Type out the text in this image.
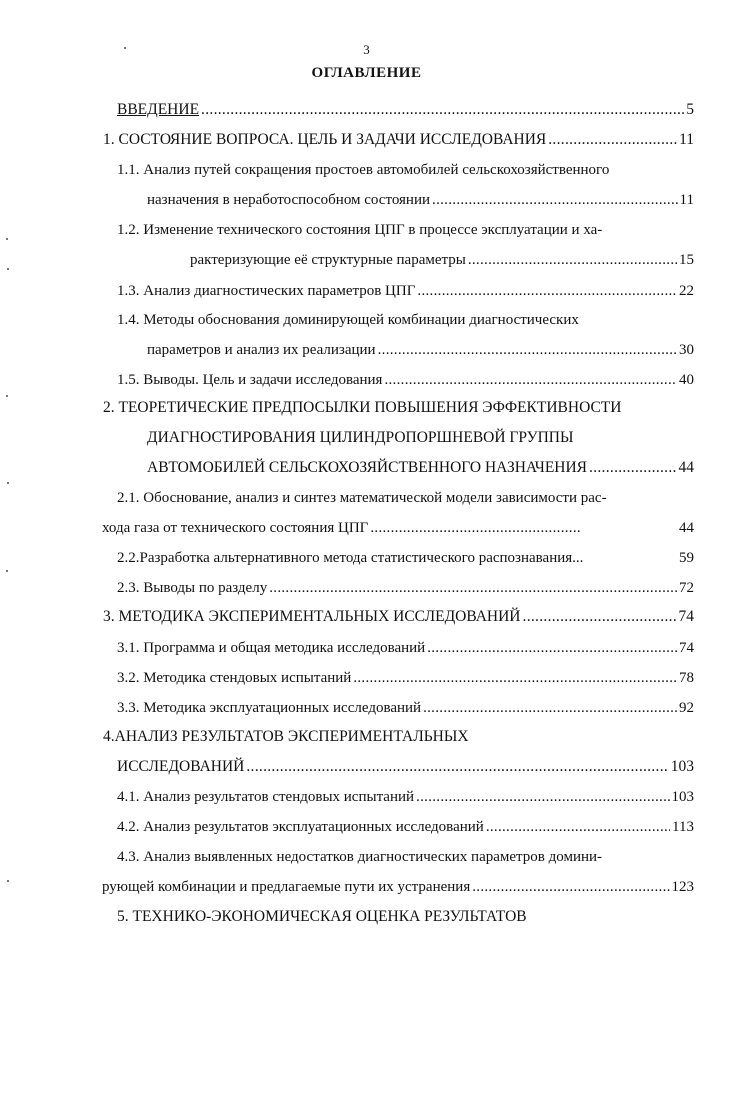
3
ОГЛАВЛЕНИЕ
ВВЕДЕНИЕ .....	5
1. СОСТОЯНИЕ ВОПРОСА. ЦЕЛЬ И ЗАДАЧИ ИССЛЕДОВАНИЯ .....	11
1.1. Анализ путей сокращения простоев автомобилей сельскохозяйственного
назначения в неработоспособном состоянии .....	11
1.2. Изменение технического состояния ЦПГ в процессе эксплуатации и ха-
рактеризующие её структурные параметры .....	15
1.3. Анализ диагностических параметров ЦПГ .....	22
1.4. Методы обоснования доминирующей комбинации диагностических
параметров и анализ их реализации .....	30
1.5. Выводы. Цель и задачи исследования .....	40
2. ТЕОРЕТИЧЕСКИЕ ПРЕДПОСЫЛКИ ПОВЫШЕНИЯ ЭФФЕКТИВНОСТИ
ДИАГНОСТИРОВАНИЯ ЦИЛИНДРОПОРШНЕВОЙ ГРУППЫ
АВТОМОБИЛЕЙ СЕЛЬСКОХОЗЯЙСТВЕННОГО НАЗНАЧЕНИЯ .....	44
2.1. Обоснование, анализ и синтез математической модели зависимости рас-
хода газа от технического состояния ЦПГ .....	44
2.2.Разработка альтернативного метода статистического распознавания...	59
2.3. Выводы по разделу .....	72
3. МЕТОДИКА ЭКСПЕРИМЕНТАЛЬНЫХ ИССЛЕДОВАНИЙ .....	74
3.1. Программа и общая методика исследований .....	74
3.2. Методика стендовых испытаний .....	78
3.3. Методика эксплуатационных исследований .....	92
4.АНАЛИЗ РЕЗУЛЬТАТОВ ЭКСПЕРИМЕНТАЛЬНЫХ
ИССЛЕДОВАНИЙ .....	103
4.1. Анализ результатов стендовых испытаний .....	103
4.2. Анализ результатов эксплуатационных исследований .....	113
4.3. Анализ выявленных недостатков диагностических параметров домини-
рующей комбинации и предлагаемые пути их устранения .....	123
5. ТЕХНИКО-ЭКОНОМИЧЕСКАЯ ОЦЕНКА РЕЗУЛЬТАТОВ
